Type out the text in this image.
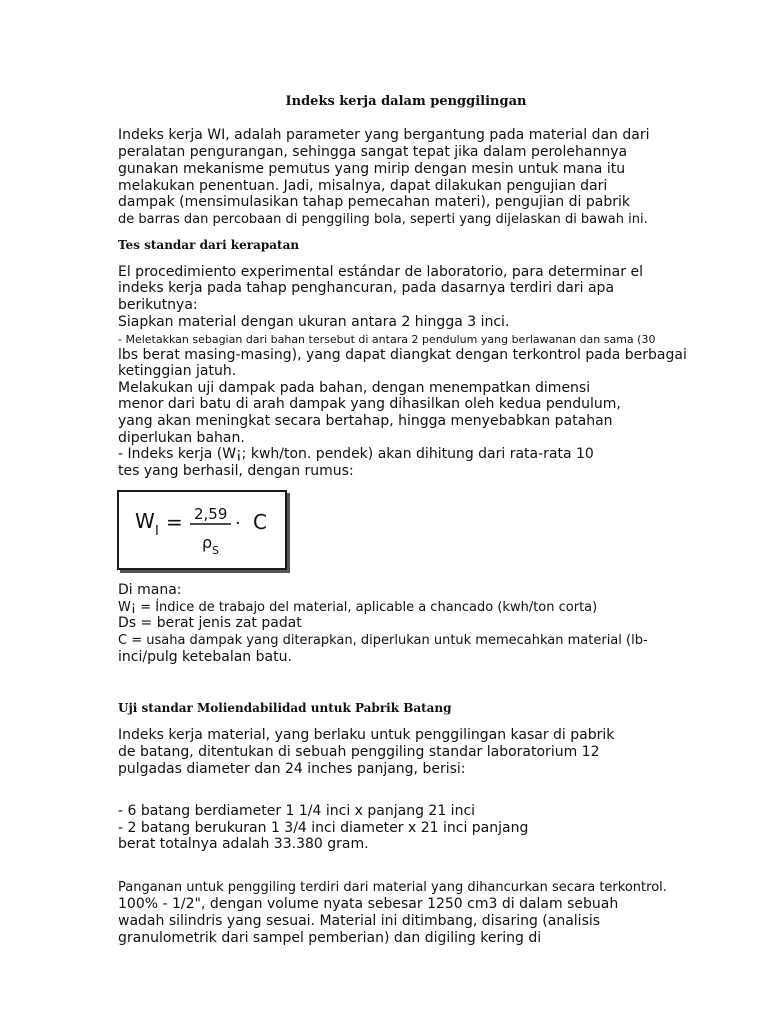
Indeks kerja dalam penggilingan
Indeks kerja WI, adalah parameter yang bergantung pada material dan dari
peralatan pengurangan, sehingga sangat tepat jika dalam perolehannya
gunakan mekanisme pemutus yang mirip dengan mesin untuk mana itu
melakukan penentuan. Jadi, misalnya, dapat dilakukan pengujian dari
dampak (mensimulasikan tahap pemecahan materi), pengujian di pabrik
de barras dan percobaan di penggiling bola, seperti yang dijelaskan di bawah ini.
Tes standar dari kerapatan
El procedimiento experimental estándar de laboratorio, para determinar el
indeks kerja pada tahap penghancuran, pada dasarnya terdiri dari apa
berikutnya:
Siapkan material dengan ukuran antara 2 hingga 3 inci.
- Meletakkan sebagian dari bahan tersebut di antara 2 pendulum yang berlawanan dan sama (30
lbs berat masing-masing), yang dapat diangkat dengan terkontrol pada berbagai
ketinggian jatuh.
Melakukan uji dampak pada bahan, dengan menempatkan dimensi
menor dari batu di arah dampak yang dihasilkan oleh kedua pendulum,
yang akan meningkat secara bertahap, hingga menyebabkan patahan
diperlukan bahan.
- Indeks kerja (W¡; kwh/ton. pendek) akan dihitung dari rata-rata 10
tes yang berhasil, dengan rumus:
W I = 2,59
ρ S
· C
Di mana:
W¡ = Índice de trabajo del material, aplicable a chancado (kwh/ton corta)
Ds = berat jenis zat padat
C = usaha dampak yang diterapkan, diperlukan untuk memecahkan material (lb-
inci/pulg ketebalan batu.
Uji standar Moliendabilidad untuk Pabrik Batang
Indeks kerja material, yang berlaku untuk penggilingan kasar di pabrik
de batang, ditentukan di sebuah penggiling standar laboratorium 12
pulgadas diameter dan 24 inches panjang, berisi:
- 6 batang berdiameter 1 1/4 inci x panjang 21 inci
- 2 batang berukuran 1 3/4 inci diameter x 21 inci panjang
berat totalnya adalah 33.380 gram.
Panganan untuk penggiling terdiri dari material yang dihancurkan secara terkontrol.
100% - 1/2", dengan volume nyata sebesar 1250 cm3 di dalam sebuah
wadah silindris yang sesuai. Material ini ditimbang, disaring (analisis
granulometrik dari sampel pemberian) dan digiling kering di
